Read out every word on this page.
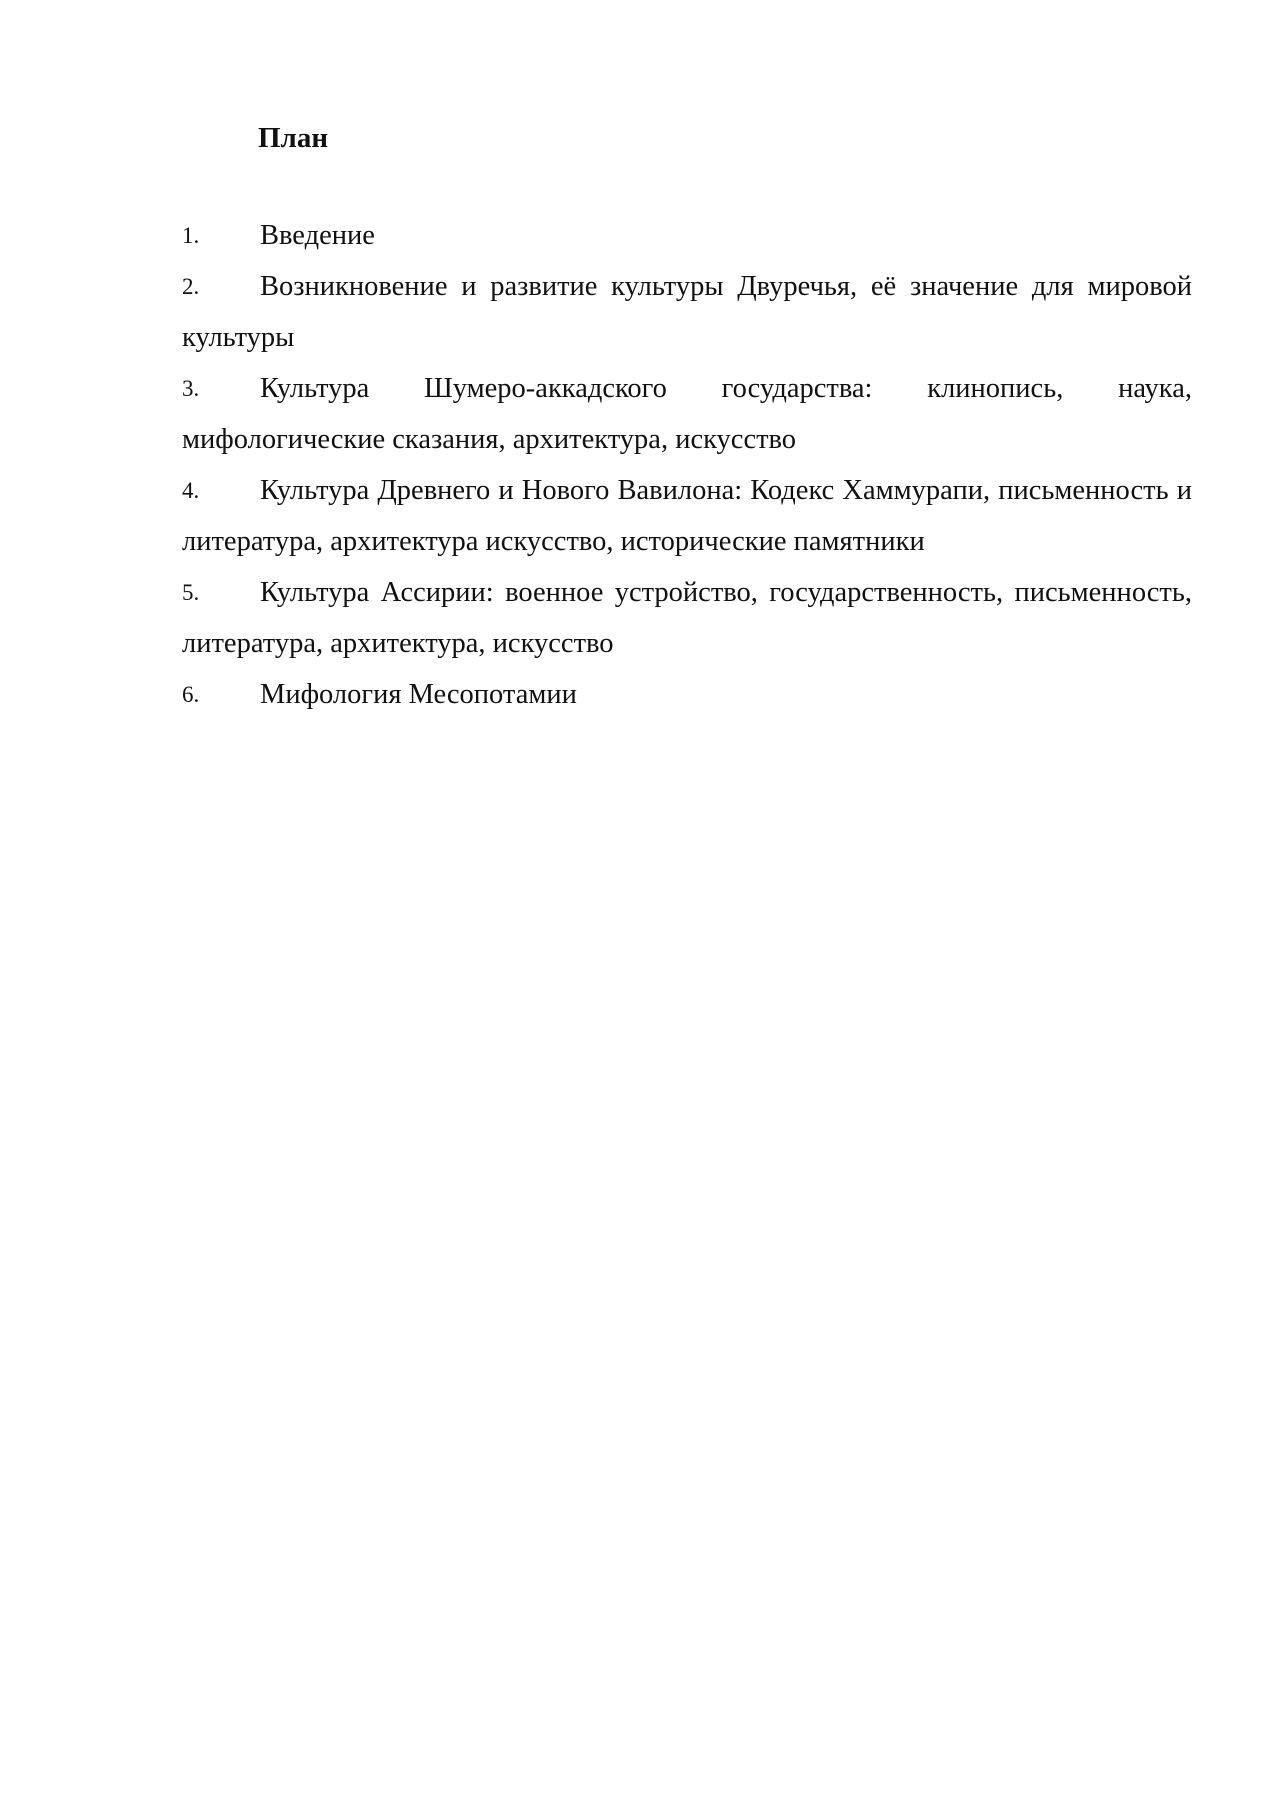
План
1. Введение
2. Возникновение и развитие культуры Двуречья, её значение для мировой культуры
3. Культура Шумеро-аккадского государства: клинопись, наука, мифологические сказания, архитектура, искусство
4. Культура Древнего и Нового Вавилона: Кодекс Хаммурапи, письменность и литература, архитектура искусство, исторические памятники
5. Культура Ассирии: военное устройство, государственность, письменность, литература, архитектура, искусство
6. Мифология Месопотамии
